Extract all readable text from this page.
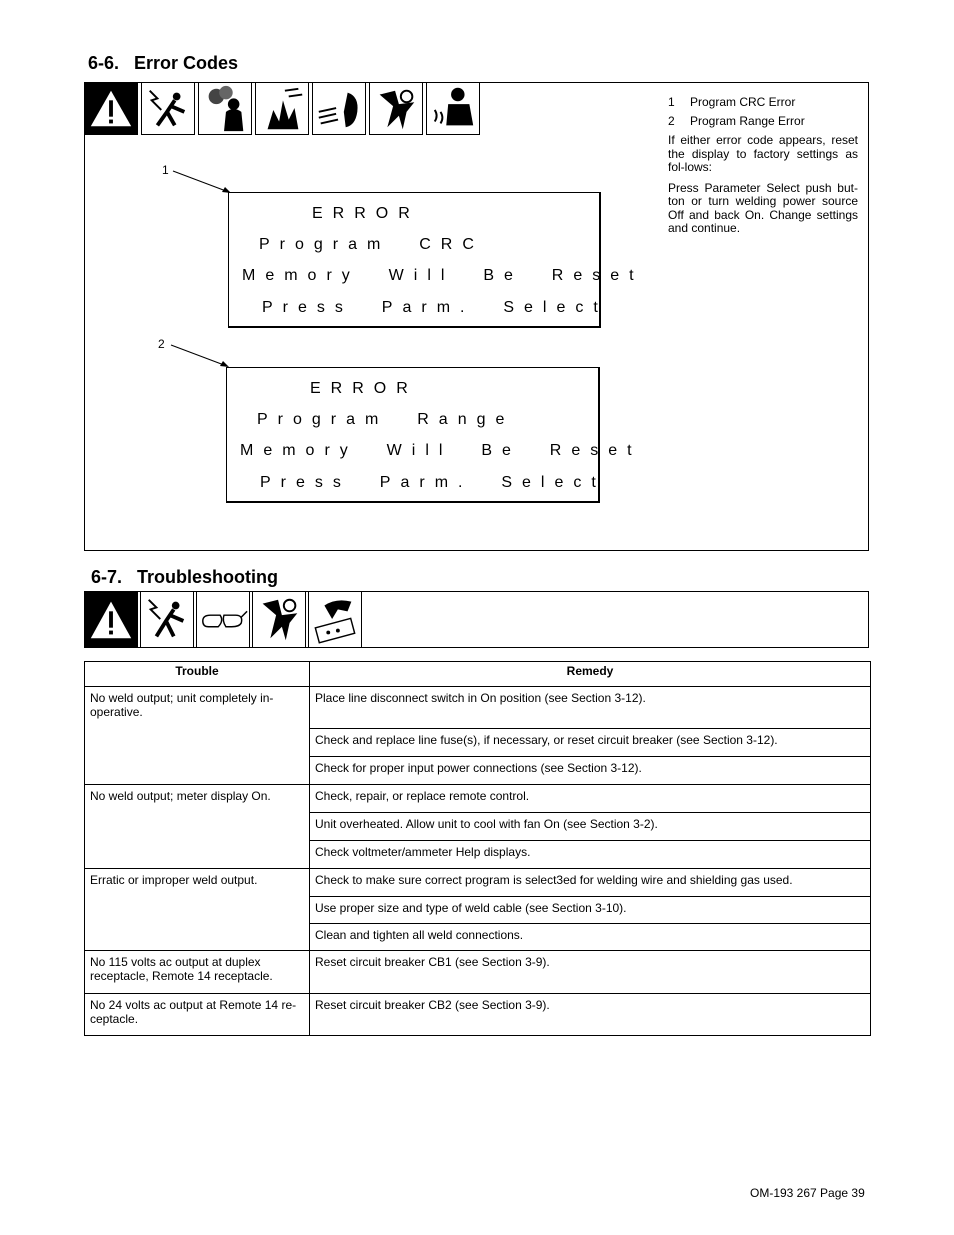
6-6.   Error Codes
1	Program CRC Error
2	Program Range Error
If either error code appears, reset the display to factory settings as fol-lows:
Press Parameter Select push but-ton or turn welding power source Off and back On. Change settings and continue.
1
ERROR
Program  CRC
Memory  Will  Be  Reset
Press  Parm.  Select
2
ERROR
Program  Range
Memory  Will  Be  Reset
Press  Parm.  Select
6-7.   Troubleshooting
Trouble	Remedy
No weld output; unit completely in-operative.	Place line disconnect switch in On position (see Section 3-12).
	Check and replace line fuse(s), if necessary, or reset circuit breaker (see Section 3-12).
	Check for proper input power connections (see Section 3-12).
No weld output; meter display On.	Check, repair, or replace remote control.
	Unit overheated. Allow unit to cool with fan On (see Section 3-2).
	Check voltmeter/ammeter Help displays.
Erratic or improper weld output.	Check to make sure correct program is select3ed for welding wire and shielding gas used.
	Use proper size and type of weld cable (see Section 3-10).
	Clean and tighten all weld connections.
No 115 volts ac output at duplex receptacle, Remote 14 receptacle.	Reset circuit breaker CB1 (see Section 3-9).
No 24 volts ac output at Remote 14 re-ceptacle.	Reset circuit breaker CB2 (see Section 3-9).
OM-193 267 Page 39
